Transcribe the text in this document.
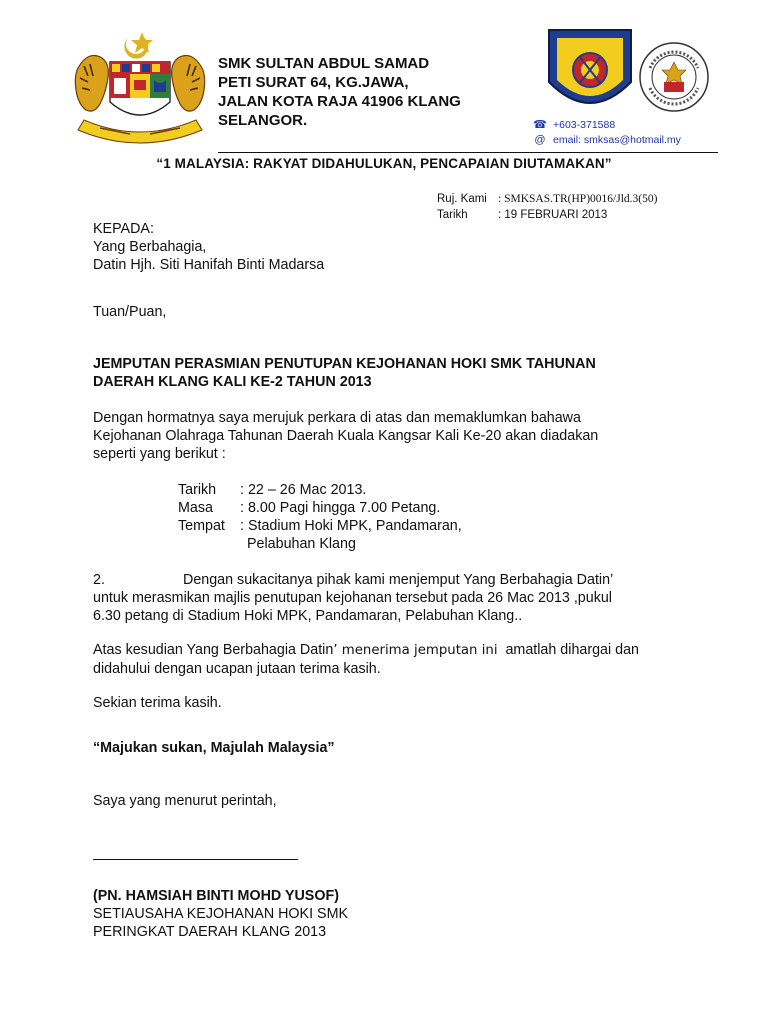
SMK SULTAN ABDUL SAMAD
PETI SURAT 64, KG.JAWA,
JALAN KOTA RAJA 41906 KLANG
SELANGOR.	☎ +603-371588
@ email: smksas@hotmail.my
“1 MALAYSIA: RAKYAT DIDAHULUKAN, PENCAPAIAN DIUTAMAKAN”
Ruj. Kami : SMKSAS.TR(HP)0016/Jld.3(50)
Tarikh	: 19 FEBRUARI 2013
KEPADA:
Yang Berbahagia,
Datin Hjh. Siti Hanifah Binti Madarsa
Tuan/Puan,
JEMPUTAN PERASMIAN PENUTUPAN KEJOHANAN HOKI SMK TAHUNAN
DAERAH KLANG KALI KE-2 TAHUN 2013
Dengan hormatnya saya merujuk perkara di atas dan memaklumkan bahawa
Kejohanan Olahraga Tahunan Daerah Kuala Kangsar Kali Ke-20 akan diadakan
seperti yang berikut :
Tarikh	: 22 – 26 Mac 2013.
Masa	: 8.00 Pagi hingga 7.00 Petang.
Tempat	: Stadium Hoki MPK, Pandamaran,
Pelabuhan Klang
2.	Dengan sukacitanya pihak kami menjemput Yang Berbahagia Datin’
untuk merasmikan majlis penutupan kejohanan tersebut pada 26 Mac 2013 ,pukul
6.30 petang di Stadium Hoki MPK, Pandamaran, Pelabuhan Klang..
Atas kesudian Yang Berbahagia Datin’ menerima jemputan ini  amatlah dihargai dan
didahului dengan ucapan jutaan terima kasih.
Sekian terima kasih.
“Majukan sukan, Majulah Malaysia”
Saya yang menurut perintah,
(PN. HAMSIAH BINTI MOHD YUSOF)
SETIAUSAHA KEJOHANAN HOKI SMK
PERINGKAT DAERAH KLANG 2013
